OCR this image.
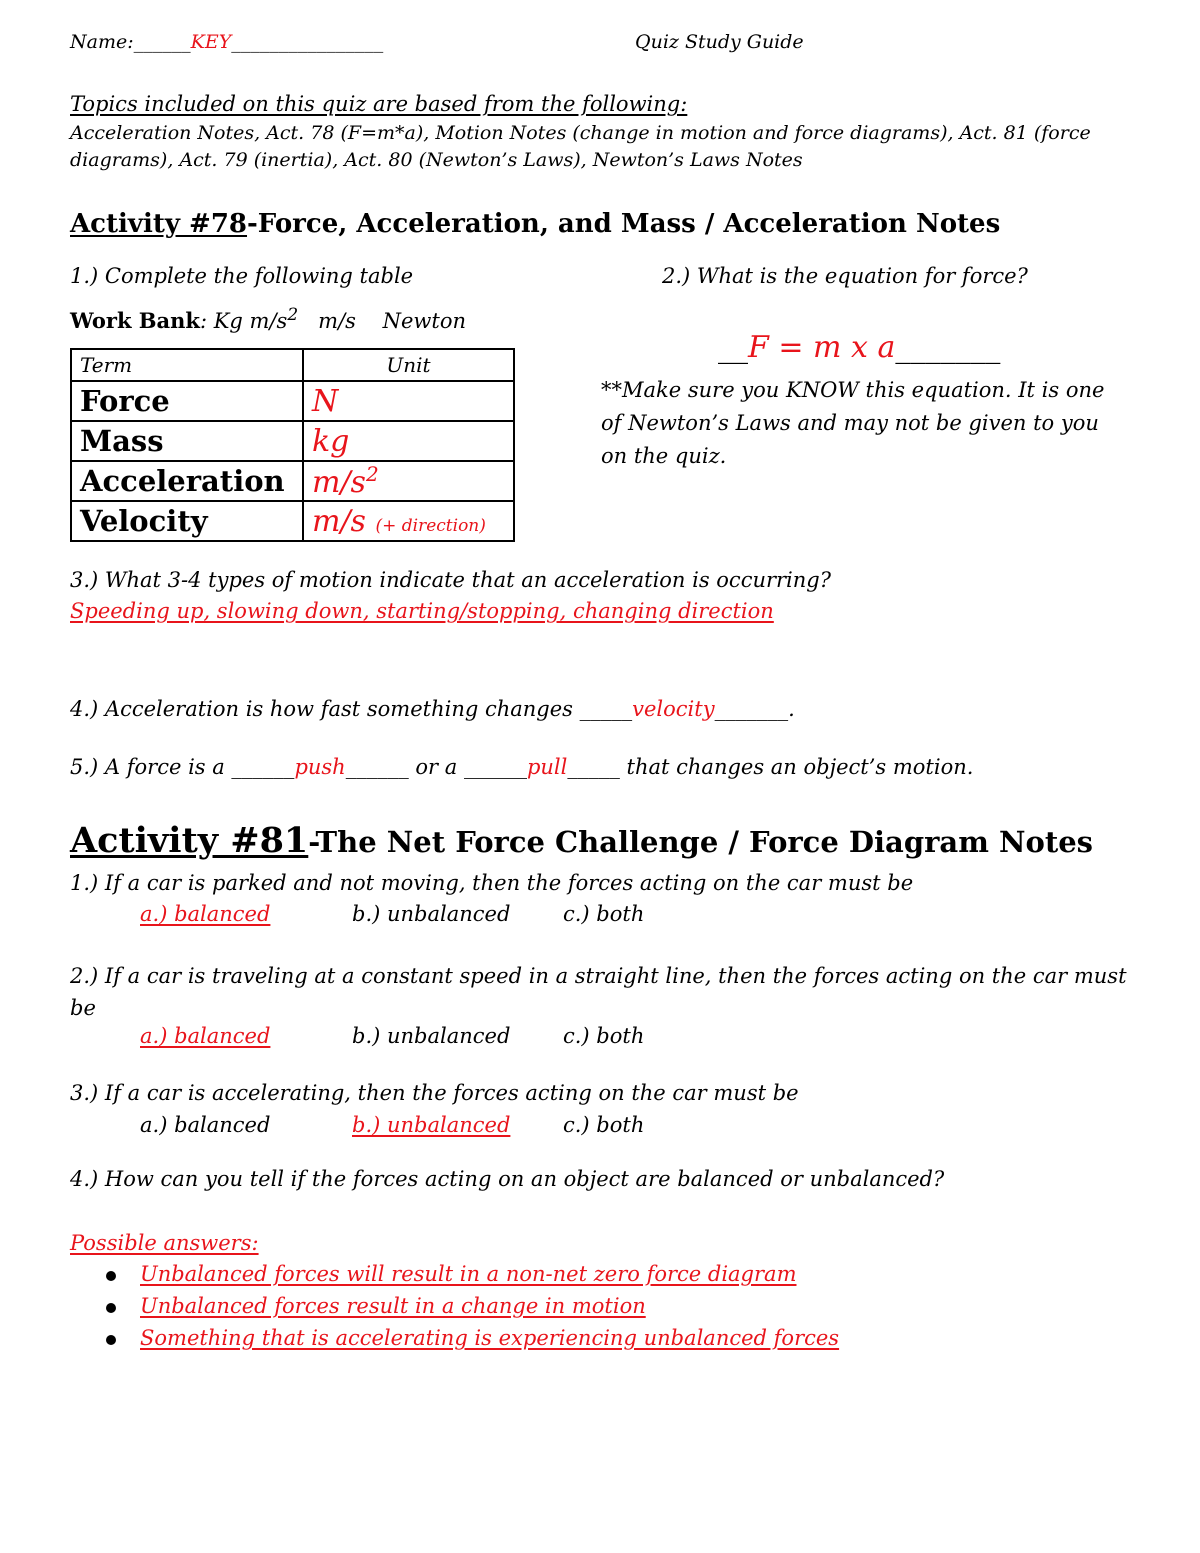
Name:______KEY________________	Quiz Study Guide
Topics included on this quiz are based from the following:
Acceleration Notes, Act. 78 (F=m*a), Motion Notes (change in motion and force diagrams), Act. 81 (force
diagrams), Act. 79 (inertia), Act. 80 (Newton’s Laws), Newton’s Laws Notes
Activity #78-Force, Acceleration, and Mass / Acceleration Notes
1.) Complete the following table
Work Bank: Kg $m/s^2$   m/s    Newton
Term	Unit
Force	N
Mass	kg
Acceleration	$m/s^2$
Velocity	m/s (+ direction)
2.) What is the equation for force?
__F = m x a_______
**Make sure you KNOW this equation. It is one of Newton’s Laws and may not be given to you on the quiz.
3.) What 3-4 types of motion indicate that an acceleration is occurring?
Speeding up, slowing down, starting/stopping, changing direction
4.) Acceleration is how fast something changes _____velocity_______.
5.) A force is a ______push______ or a ______pull_____ that changes an object’s motion.
Activity #81-The Net Force Challenge / Force Diagram Notes
1.) If a car is parked and not moving, then the forces acting on the car must be
a.) balanced	b.) unbalanced	c.) both
2.) If a car is traveling at a constant speed in a straight line, then the forces acting on the car must be
a.) balanced	b.) unbalanced	c.) both
3.) If a car is accelerating, then the forces acting on the car must be
a.) balanced	b.) unbalanced	c.) both
4.) How can you tell if the forces acting on an object are balanced or unbalanced?
Possible answers:
Unbalanced forces will result in a non-net zero force diagram
Unbalanced forces result in a change in motion
Something that is accelerating is experiencing unbalanced forces
